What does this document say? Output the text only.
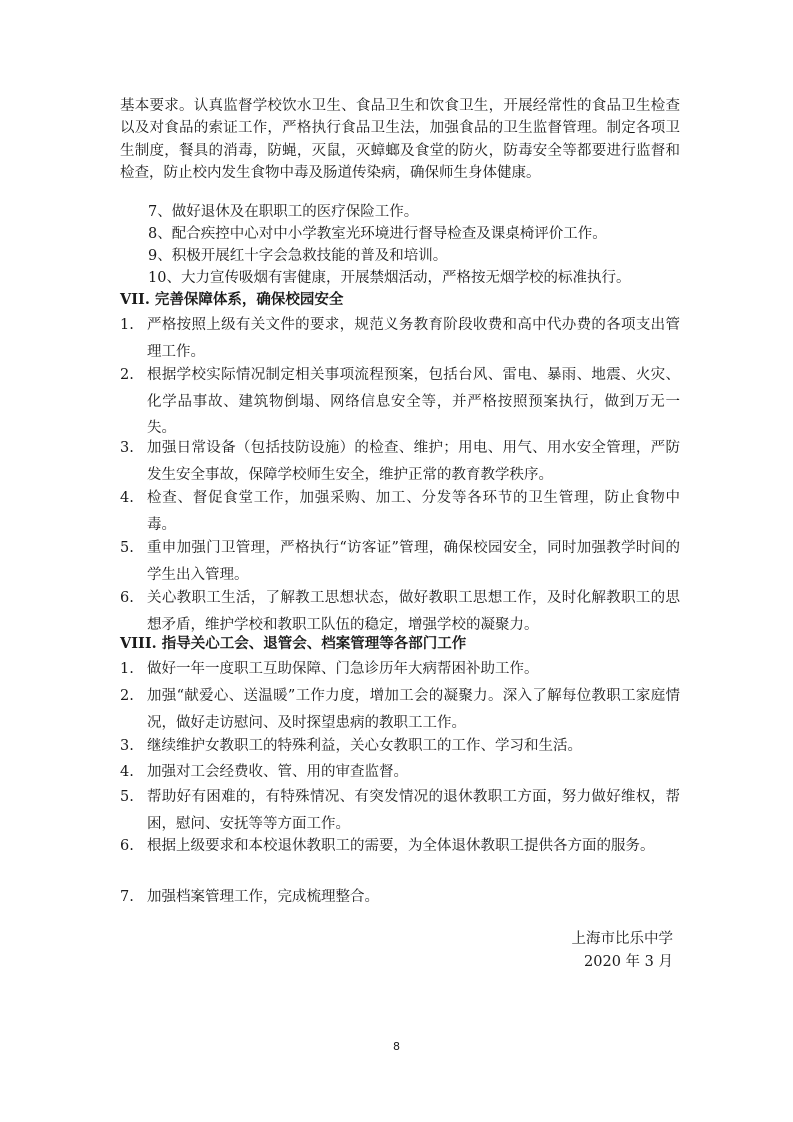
基本要求。认真监督学校饮水卫生、食品卫生和饮食卫生，开展经常性的食品卫生检查以及对食品的索证工作，严格执行食品卫生法，加强食品的卫生监督管理。制定各项卫生制度，餐具的消毒，防蝇，灭鼠，灭蟑螂及食堂的防火，防毒安全等都要进行监督和检查，防止校内发生食物中毒及肠道传染病，确保师生身体健康。
7、做好退休及在职职工的医疗保险工作。
8、配合疾控中心对中小学教室光环境进行督导检查及课桌椅评价工作。
9、积极开展红十字会急救技能的普及和培训。
10、大力宣传吸烟有害健康，开展禁烟活动，严格按无烟学校的标准执行。
VII. 完善保障体系，确保校园安全
1. 严格按照上级有关文件的要求，规范义务教育阶段收费和高中代办费的各项支出管理工作。
2. 根据学校实际情况制定相关事项流程预案，包括台风、雷电、暴雨、地震、火灾、化学品事故、建筑物倒塌、网络信息安全等，并严格按照预案执行，做到万无一失。
3. 加强日常设备（包括技防设施）的检查、维护；用电、用气、用水安全管理，严防发生安全事故，保障学校师生安全，维护正常的教育教学秩序。
4. 检查、督促食堂工作，加强采购、加工、分发等各环节的卫生管理，防止食物中毒。
5. 重申加强门卫管理，严格执行“访客证”管理，确保校园安全，同时加强教学时间的学生出入管理。
6. 关心教职工生活，了解教工思想状态，做好教职工思想工作，及时化解教职工的思想矛盾，维护学校和教职工队伍的稳定，增强学校的凝聚力。
VIII. 指导关心工会、退管会、档案管理等各部门工作
1. 做好一年一度职工互助保障、门急诊历年大病帮困补助工作。
2. 加强“献爱心、送温暖”工作力度，增加工会的凝聚力。深入了解每位教职工家庭情况，做好走访慰问、及时探望患病的教职工工作。
3. 继续维护女教职工的特殊利益，关心女教职工的工作、学习和生活。
4. 加强对工会经费收、管、用的审查监督。
5. 帮助好有困难的，有特殊情况、有突发情况的退休教职工方面，努力做好维权，帮困，慰问、安抚等等方面工作。
6. 根据上级要求和本校退休教职工的需要，为全体退休教职工提供各方面的服务。
7. 加强档案管理工作，完成梳理整合。
上海市比乐中学
2020 年 3 月
8
